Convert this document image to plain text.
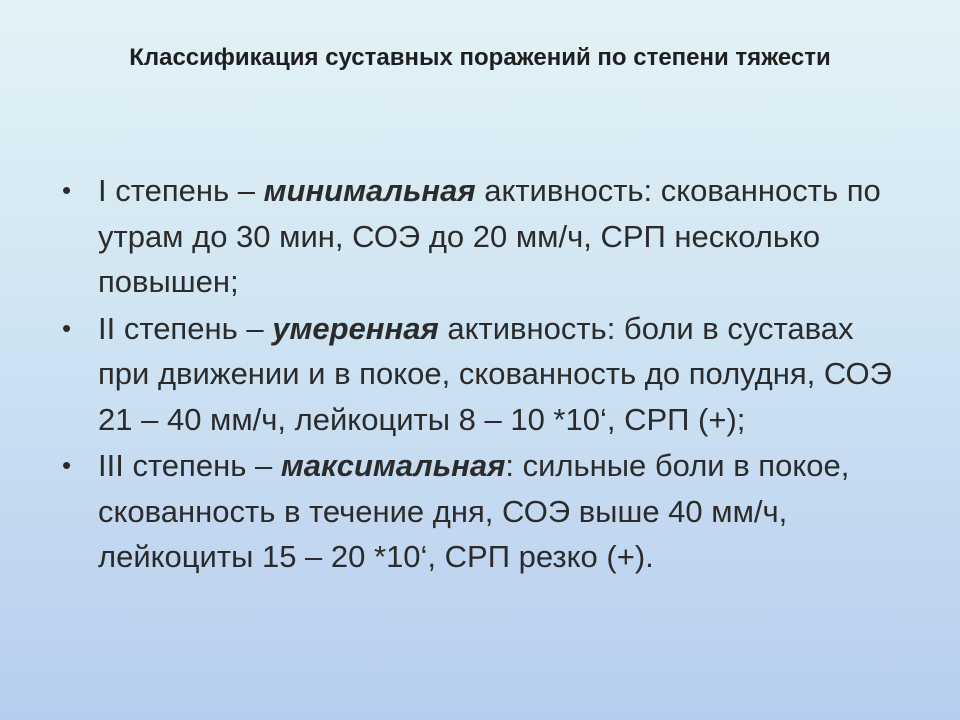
Классификация суставных поражений по степени тяжести
• I степень – минимальная активность: скованность по утрам до 30 мин, СОЭ до 20 мм/ч, СРП несколько повышен;
• II степень – умеренная активность: боли в суставах при движении и в покое, скованность до полудня, СОЭ 21 – 40 мм/ч, лейкоциты 8 – 10 *10‘, СРП (+);
• III степень – максимальная: сильные боли в покое, скованность в течение дня, СОЭ выше 40 мм/ч, лейкоциты 15 – 20 *10‘, СРП резко (+).
